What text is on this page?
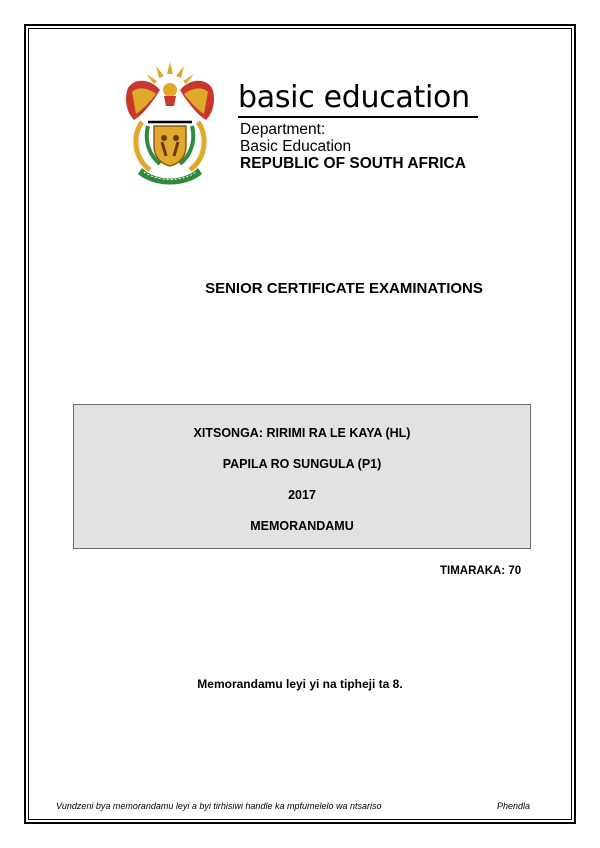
basic education
Department:
Basic Education
REPUBLIC OF SOUTH AFRICA
SENIOR CERTIFICATE EXAMINATIONS
XITSONGA: RIRIMI RA LE KAYA (HL)
PAPILA RO SUNGULA (P1)
2017
MEMORANDAMU
TIMARAKA: 70
Memorandamu leyi yi na tipheji ta 8.
Vundzeni bya memorandamu leyi a byi tirhisiwi handle ka mpfumelelo wa ntsariso	Phendla
